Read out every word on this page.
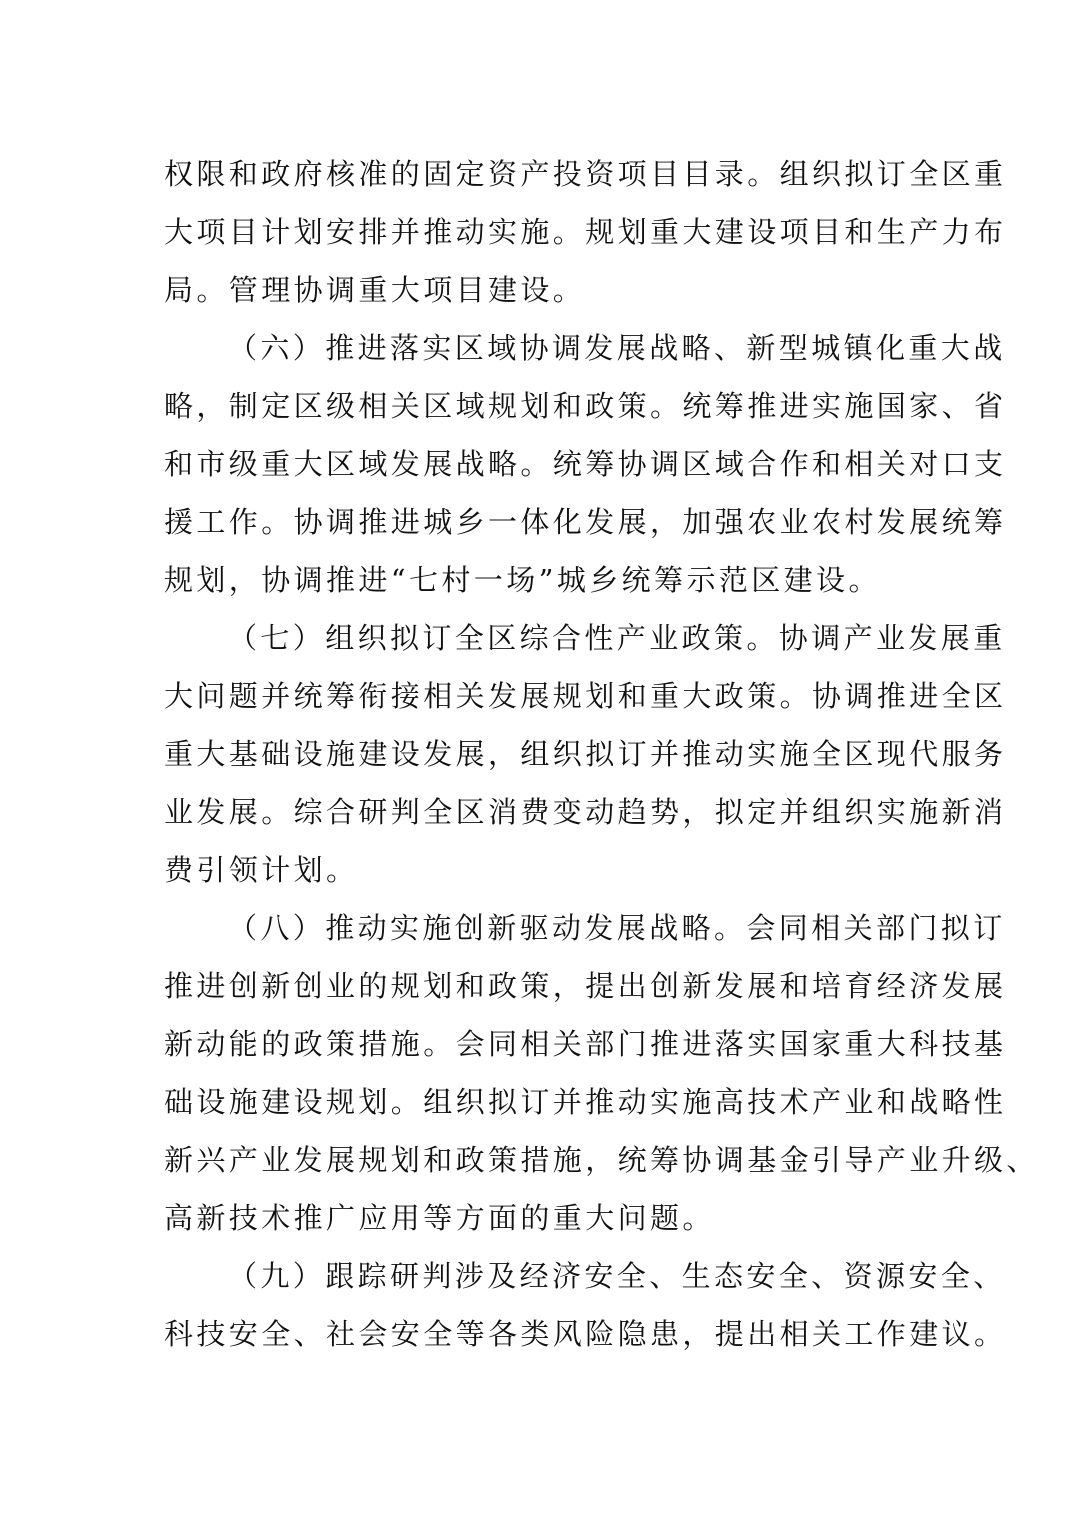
权限和政府核准的固定资产投资项目目录。组织拟订全区重
大项目计划安排并推动实施。规划重大建设项目和生产力布
局。管理协调重大项目建设。
（六）推进落实区域协调发展战略、新型城镇化重大战
略，制定区级相关区域规划和政策。统筹推进实施国家、省
和市级重大区域发展战略。统筹协调区域合作和相关对口支
援工作。协调推进城乡一体化发展，加强农业农村发展统筹
规划，协调推进“七村一场”城乡统筹示范区建设。
（七）组织拟订全区综合性产业政策。协调产业发展重
大问题并统筹衔接相关发展规划和重大政策。协调推进全区
重大基础设施建设发展，组织拟订并推动实施全区现代服务
业发展。综合研判全区消费变动趋势，拟定并组织实施新消
费引领计划。
（八）推动实施创新驱动发展战略。会同相关部门拟订
推进创新创业的规划和政策，提出创新发展和培育经济发展
新动能的政策措施。会同相关部门推进落实国家重大科技基
础设施建设规划。组织拟订并推动实施高技术产业和战略性
新兴产业发展规划和政策措施，统筹协调基金引导产业升级、
高新技术推广应用等方面的重大问题。
（九）跟踪研判涉及经济安全、生态安全、资源安全、
科技安全、社会安全等各类风险隐患，提出相关工作建议。
